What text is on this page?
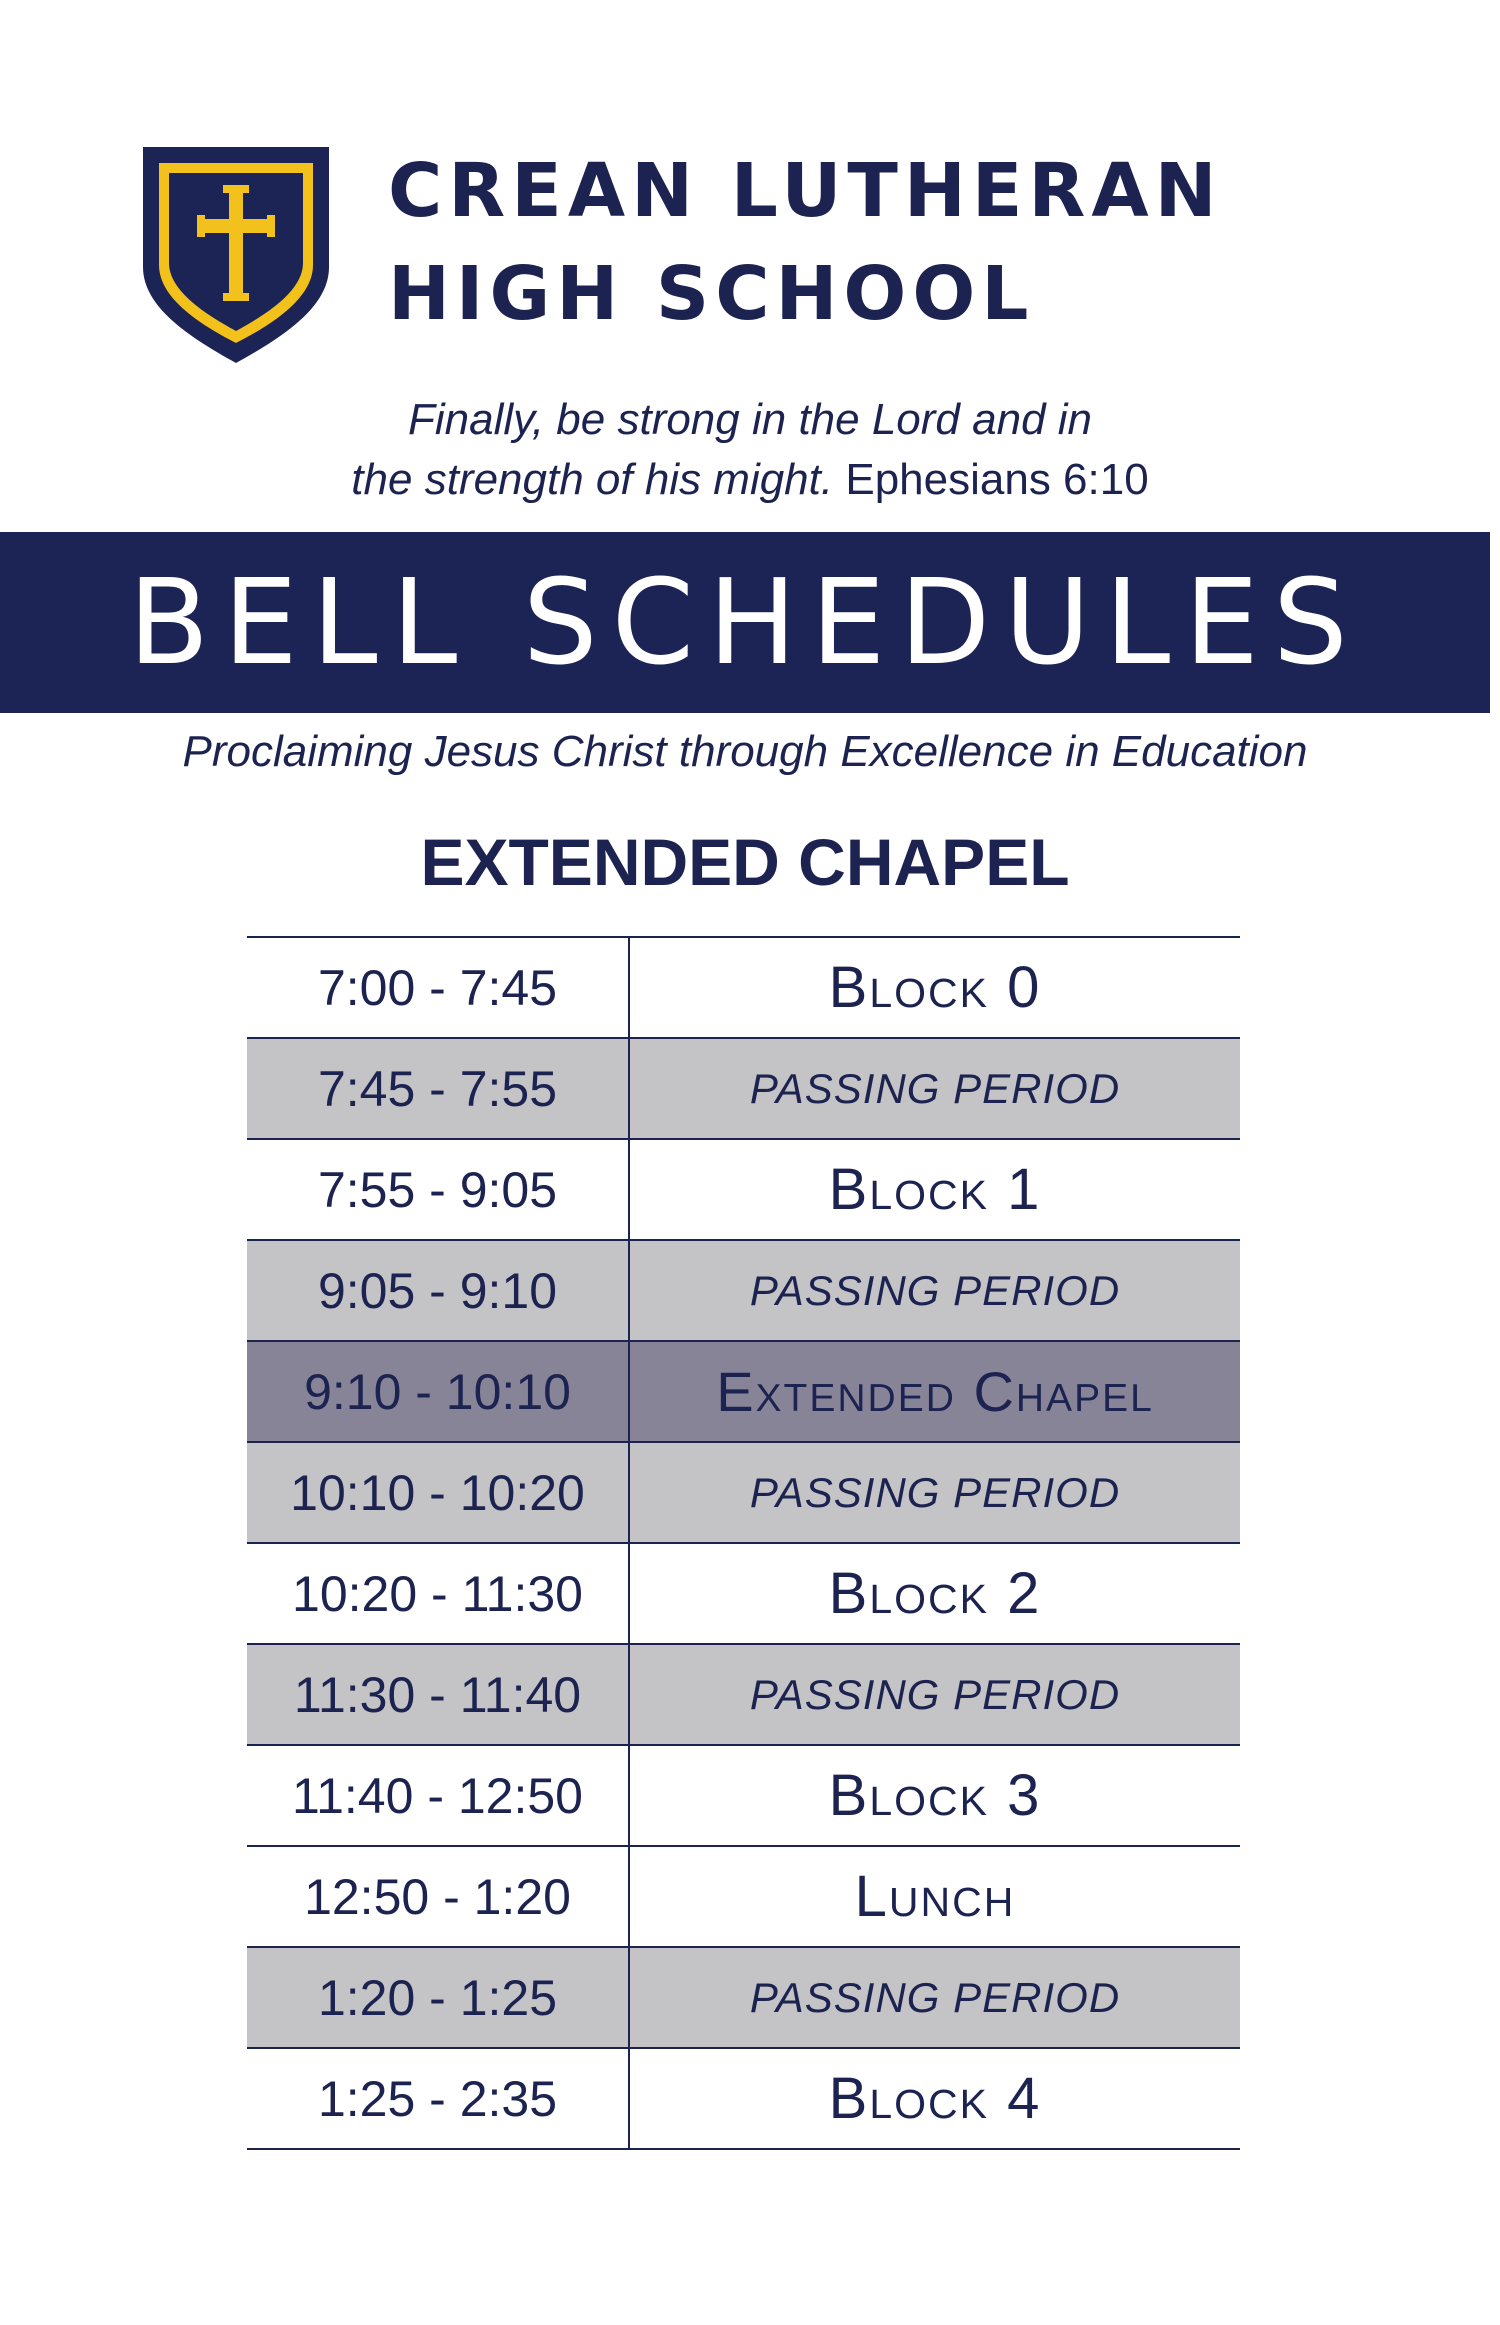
CREAN LUTHERAN
HIGH SCHOOL
Finally, be strong in the Lord and in
the strength of his might. Ephesians 6:10
BELL SCHEDULES
Proclaiming Jesus Christ through Excellence in Education
EXTENDED CHAPEL
7:00 - 7:45	Block 0
7:45 - 7:55	PASSING PERIOD
7:55 - 9:05	Block 1
9:05 - 9:10	PASSING PERIOD
9:10 - 10:10	Extended Chapel
10:10 - 10:20	PASSING PERIOD
10:20 - 11:30	Block 2
11:30 - 11:40	PASSING PERIOD
11:40 - 12:50	Block 3
12:50 - 1:20	Lunch
1:20 - 1:25	PASSING PERIOD
1:25 - 2:35	Block 4
